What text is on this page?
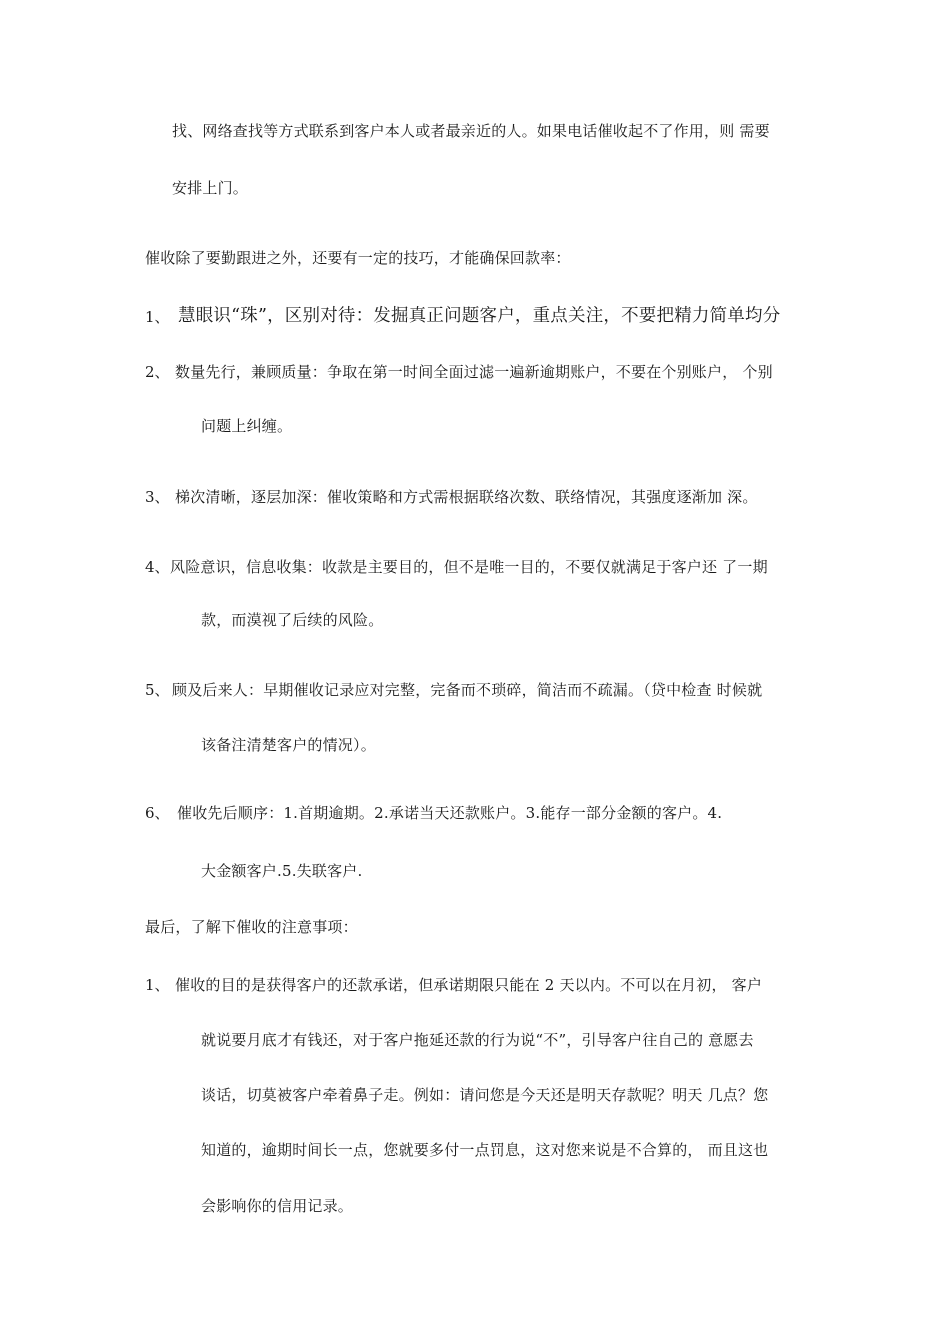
找、网络查找等方式联系到客户本人或者最亲近的人。如果电话催收起不了作用，则 需要
安排上门。
催收除了要勤跟进之外，还要有一定的技巧，才能确保回款率：
1、 慧眼识“珠”，区别对待：发掘真正问题客户，重点关注，不要把精力简单均分
2、 数量先行，兼顾质量：争取在第一时间全面过滤一遍新逾期账户，不要在个别账户， 个别
问题上纠缠。
3、 梯次清晰，逐层加深：催收策略和方式需根据联络次数、联络情况，其强度逐渐加 深。
4、 风险意识，信息收集：收款是主要目的，但不是唯一目的，不要仅就满足于客户还 了一期
款，而漠视了后续的风险。
5、 顾及后来人：早期催收记录应对完整，完备而不琐碎，简洁而不疏漏。（贷中检查 时候就
该备注清楚客户的情况）。
6、 催收先后顺序：1.首期逾期。2.承诺当天还款账户。3.能存一部分金额的客户。4.
大金额客户.5.失联客户.
最后，了解下催收的注意事项：
1、 催收的目的是获得客户的还款承诺，但承诺期限只能在 2 天以内。不可以在月初， 客户
就说要月底才有钱还，对于客户拖延还款的行为说“不”，引导客户往自己的 意愿去
谈话，切莫被客户牵着鼻子走。例如：请问您是今天还是明天存款呢？明天 几点？您
知道的，逾期时间长一点，您就要多付一点罚息，这对您来说是不合算的， 而且这也
会影响你的信用记录。
